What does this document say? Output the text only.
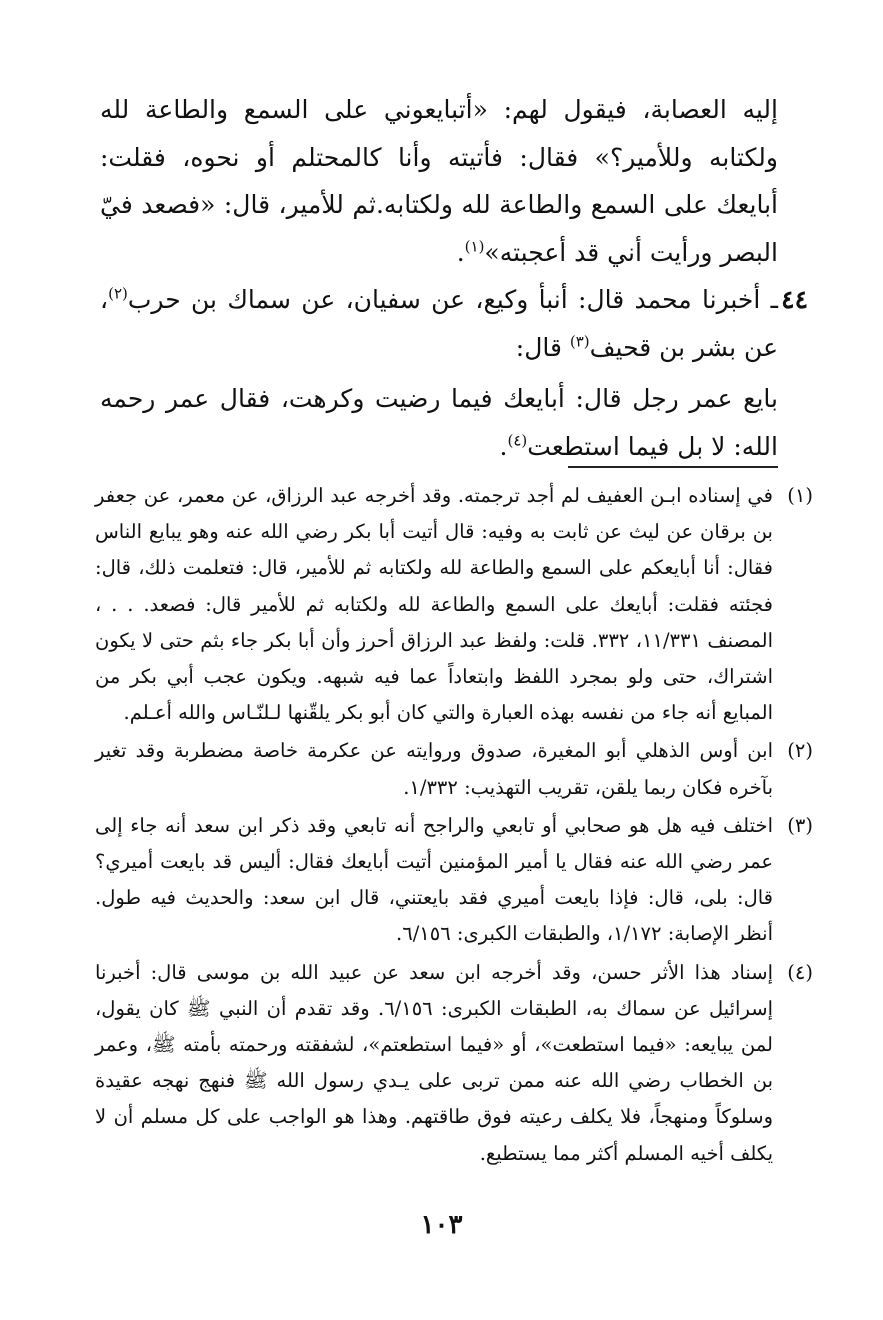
إليه العصابة، فيقول لهم: «أتبايعوني على السمع والطاعة لله ولكتابه وللأمير؟» فقال: فأتيته وأنا كالمحتلم أو نحوه، فقلت: أبايعك على السمع والطاعة لله ولكتابه.ثم للأمير، قال: «فصعد فيّ البصر ورأيت أني قد أعجبته»$^{(١)}$.

٤٤
ـ أخبرنا محمد قال: أنبأ وكيع، عن سفيان، عن سماك بن حرب$^{(٢)}$، عن بشر بن قحيف$^{(٣)}$ قال:

بايع عمر رجل قال: أبايعك فيما رضيت وكرهت، فقال عمر رحمه الله: لا بل فيما استطعت$^{(٤)}$.

(١)
في إسناده ابـن العفيف لم أجد ترجمته. وقد أخرجه عبد الرزاق، عن معمر، عن جعفر بن برقان عن ليث عن ثابت به وفيه: قال أتيت أبا بكر رضي الله عنه وهو يبايع الناس فقال: أنا أبايعكم على السمع والطاعة لله ولكتابه ثم للأمير، قال: فتعلمت ذلك، قال: فجئته فقلت: أبايعك على السمع والطاعة لله ولكتابه ثم للأمير قال: فصعد. . . ، المصنف ١١/٣٣١، ٣٣٢. قلت: ولفظ عبد الرزاق أحرز وأن أبا بكر جاء بثم حتى لا يكون اشتراك، حتى ولو بمجرد اللفظ وابتعاداً عما فيه شبهه. ويكون عجب أبي بكر من المبايع أنه جاء من نفسه بهذه العبارة والتي كان أبو بكر يلقّنها لـلنّـاس والله أعـلم.

(٢)
ابن أوس الذهلي أبو المغيرة، صدوق وروايته عن عكرمة خاصة مضطربة وقد تغير بآخره فكان ربما يلقن، تقريب التهذيب: ١/٣٣٢.

(٣)
اختلف فيه هل هو صحابي أو تابعي والراجح أنه تابعي وقد ذكر ابن سعد أنه جاء إلى عمر رضي الله عنه فقال يا أمير المؤمنين أتيت أبايعك فقال: أليس قد بايعت أميري؟ قال: بلى، قال: فإذا بايعت أميري فقد بايعتني، قال ابن سعد: والحديث فيه طول. أنظر الإصابة: ١/١٧٢، والطبقات الكبرى: ٦/١٥٦.

(٤)
إسناد هذا الأثر حسن، وقد أخرجه ابن سعد عن عبيد الله بن موسى قال: أخبرنا إسرائيل عن سماك به، الطبقات الكبرى: ٦/١٥٦. وقد تقدم أن النبي ﷺ كان يقول، لمن يبايعه: «فيما استطعت»، أو «فيما استطعتم»، لشفقته ورحمته بأمته ﷺ، وعمر بن الخطاب رضي الله عنه ممن تربى على يـدي رسول الله ﷺ فنهج نهجه عقيدة وسلوكاً ومنهجاً، فلا يكلف رعيته فوق طاقتهم. وهذا هو الواجب على كل مسلم أن لا يكلف أخيه المسلم أكثر مما يستطيع.

١٠٣
